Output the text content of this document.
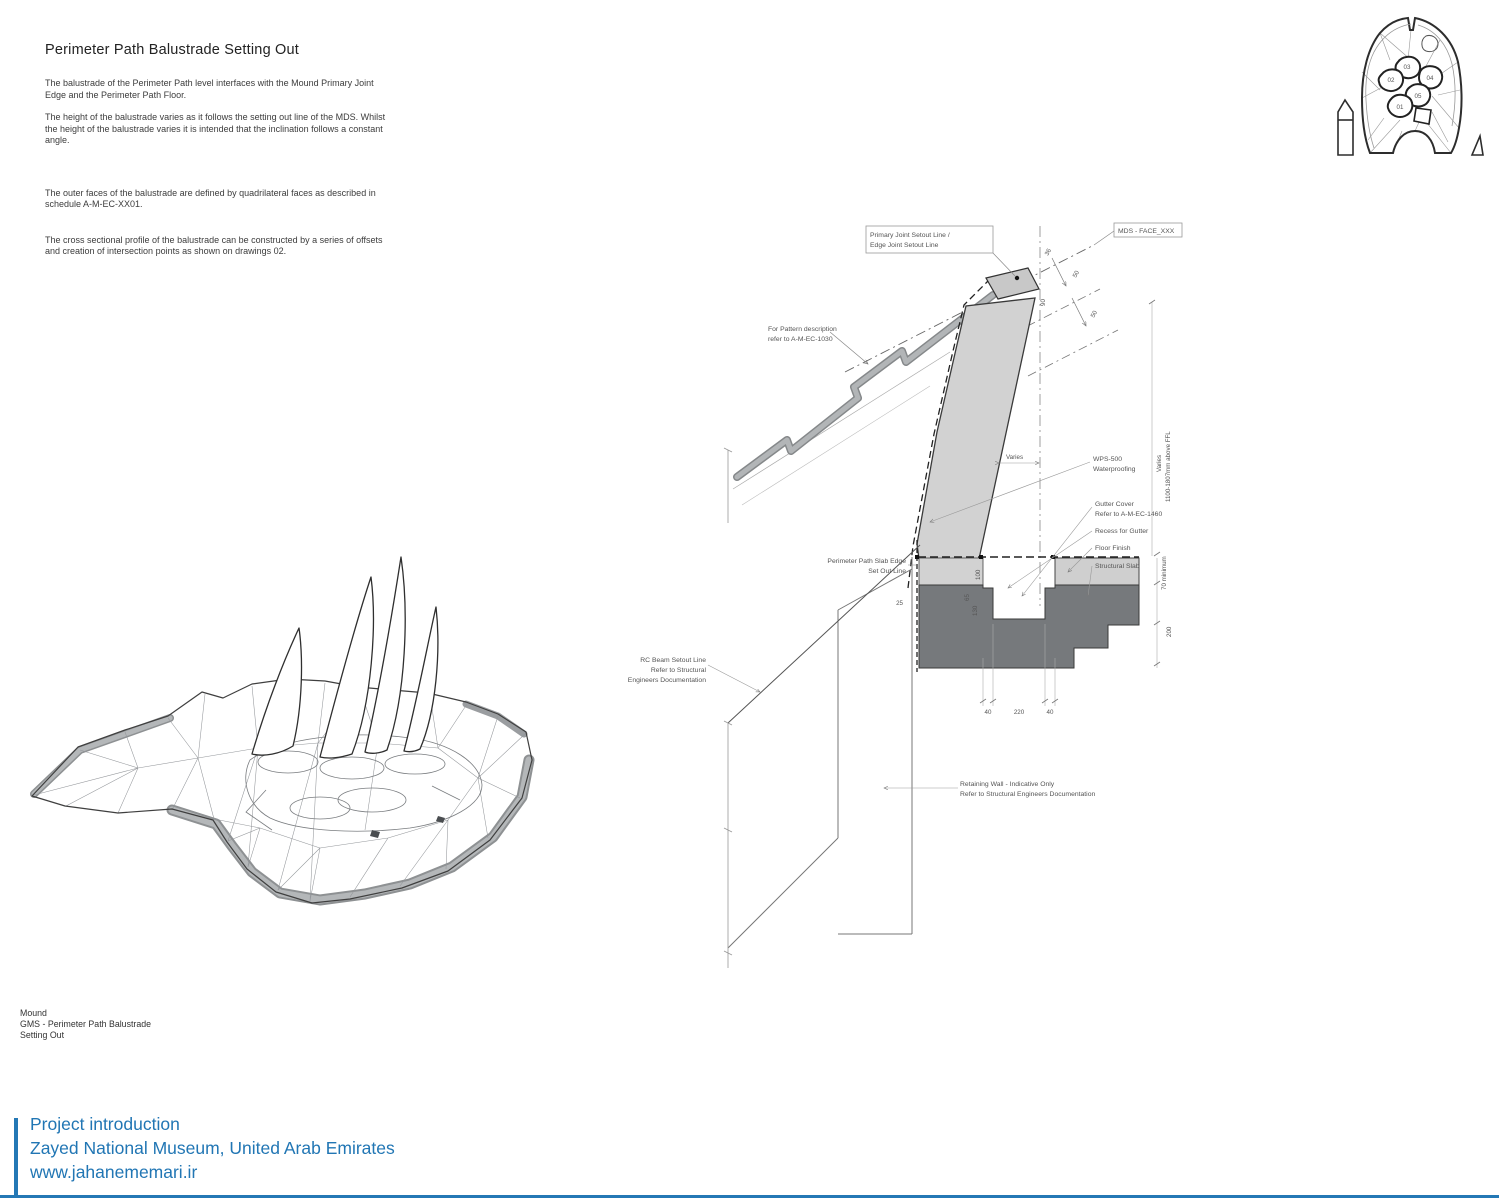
Perimeter Path Balustrade Setting Out

The balustrade of the Perimeter Path level interfaces with the Mound Primary Joint Edge and the Perimeter Path Floor.

The height of the balustrade varies as it follows the setting out line of the MDS. Whilst the height of the balustrade varies it is intended that the inclination follows a constant angle.

The outer faces of the balustrade are defined by quadrilateral faces as described in schedule A-M-EC-XX01.

The cross sectional profile of the balustrade can be constructed by a series of offsets and creation of intersection points as shown on drawings 02.

03
02	04
05
01
Primary Joint Setout Line /
Edge Joint Setout Line
MDS - FACE_XXX
For Pattern description
refer to A-M-EC-1030
WPS-500
Waterproofing
Gutter Cover
Refer to A-M-EC-1460
Recess for Gutter
Floor Finish
Structural Slab
Perimeter Path Slab Edge
Set Out Line
RC Beam Setout Line
Refer to Structural
Engineers Documentation
Retaining Wall - Indicative Only
Refer to Structural Engineers Documentation
Varies
36
50
50
90
25
100
65
130
40	220	40
Varies 1100-1807mm above FFL
70 minimum
200
Mound
GMS - Perimeter Path Balustrade
Setting Out
Project introduction
Zayed National Museum, United Arab Emirates
www.jahanememari.ir
